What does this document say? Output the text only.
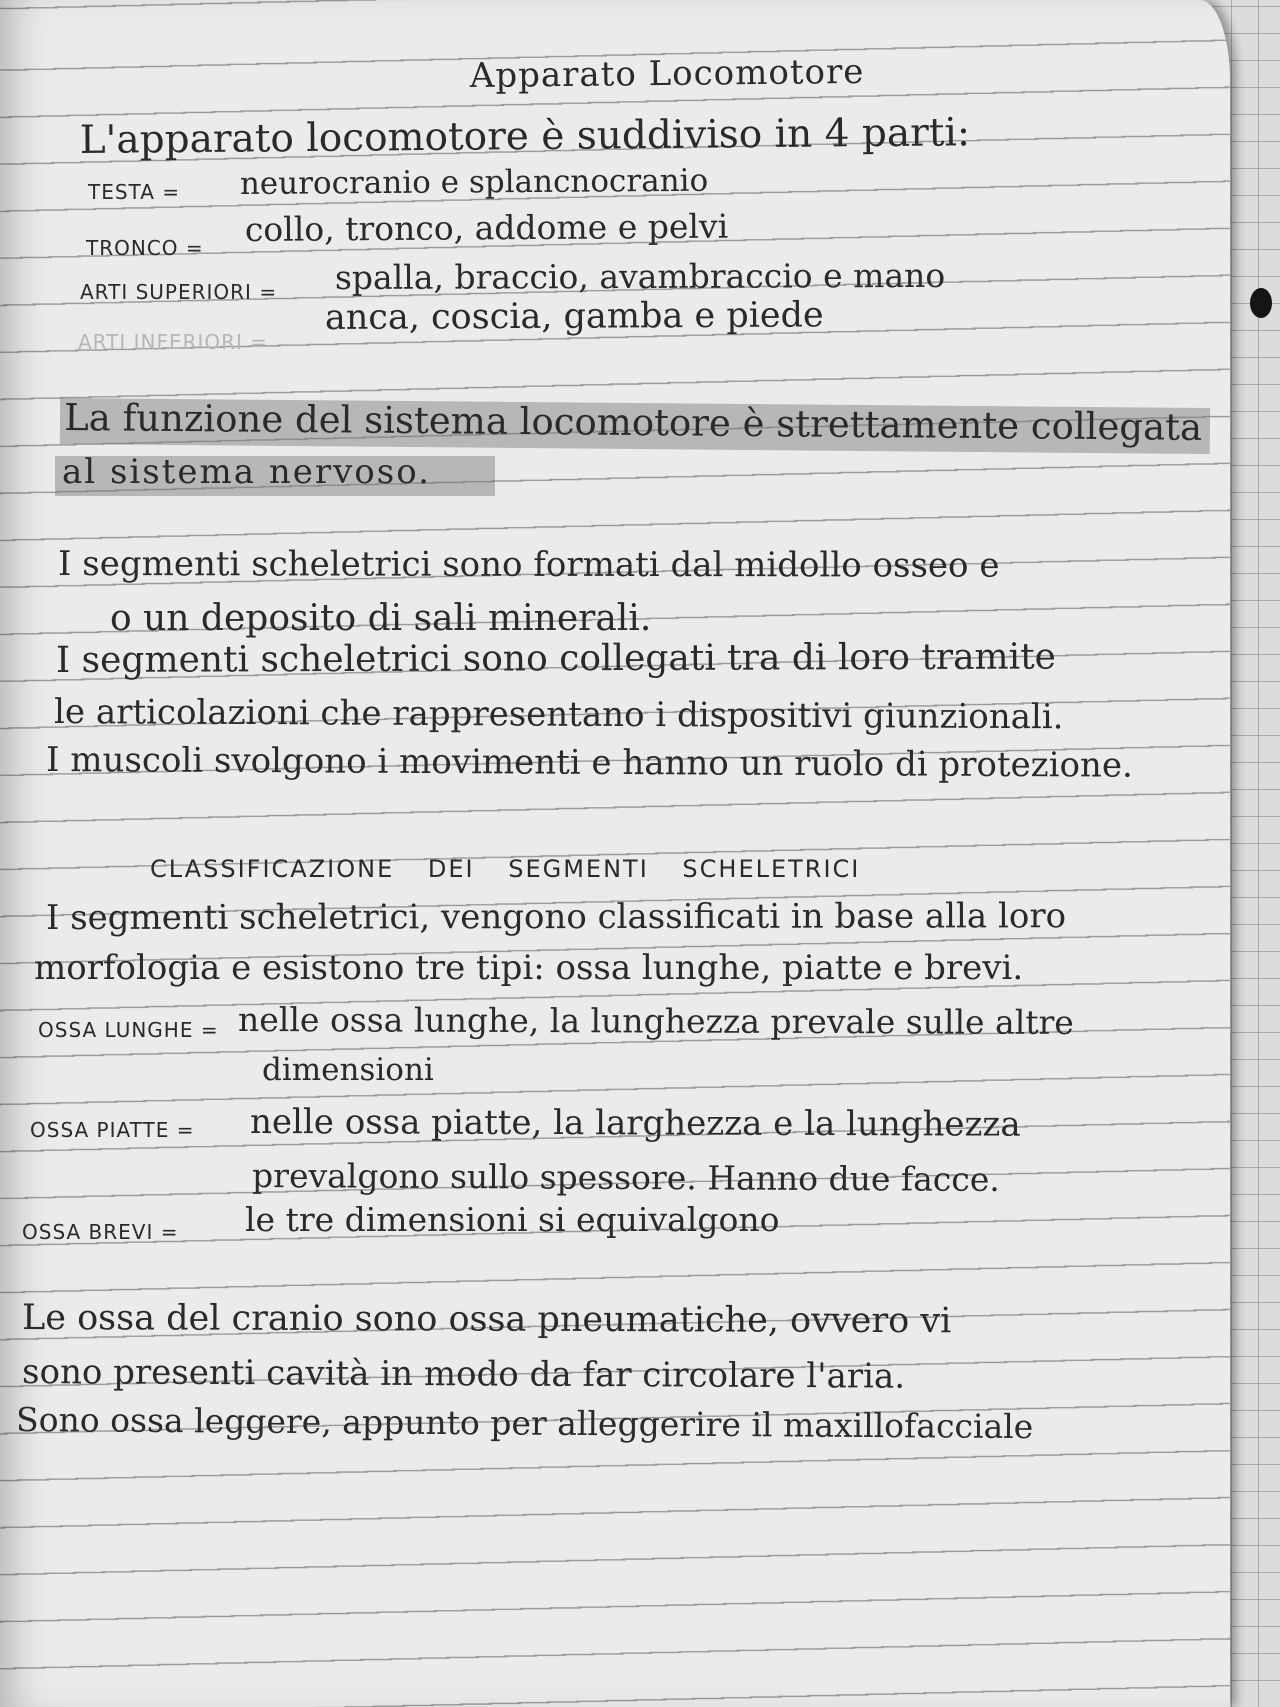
Apparato Locomotore

L'apparato locomotore è suddiviso in 4 parti:

TESTA = neurocranio e splancnocranio

TRONCO = collo, tronco, addome e pelvi

ARTI SUPERIORI = spalla, braccio, avambraccio e mano

ARTI INFERIORI =

anca, coscia, gamba e piede

La funzione del sistema locomotore è strettamente collegata

al sistema nervoso.

I segmenti scheletrici sono formati dal midollo osseo e

o un deposito di sali minerali.

I segmenti scheletrici sono collegati tra di loro tramite

le articolazioni che rappresentano i dispositivi giunzionali.

I muscoli svolgono i movimenti e hanno un ruolo di protezione.

CLASSIFICAZIONE DEI SEGMENTI SCHELETRICI

I segmenti scheletrici, vengono classificati in base alla loro

morfologia e esistono tre tipi: ossa lunghe, piatte e brevi.

OSSA LUNGHE = nelle ossa lunghe, la lunghezza prevale sulle altre

dimensioni

OSSA PIATTE = nelle ossa piatte, la larghezza e la lunghezza

prevalgono sullo spessore. Hanno due facce.

OSSA BREVI = le tre dimensioni si equivalgono

Le ossa del cranio sono ossa pneumatiche, ovvero vi

sono presenti cavità in modo da far circolare l'aria.

Sono ossa leggere, appunto per alleggerire il maxillofacciale
